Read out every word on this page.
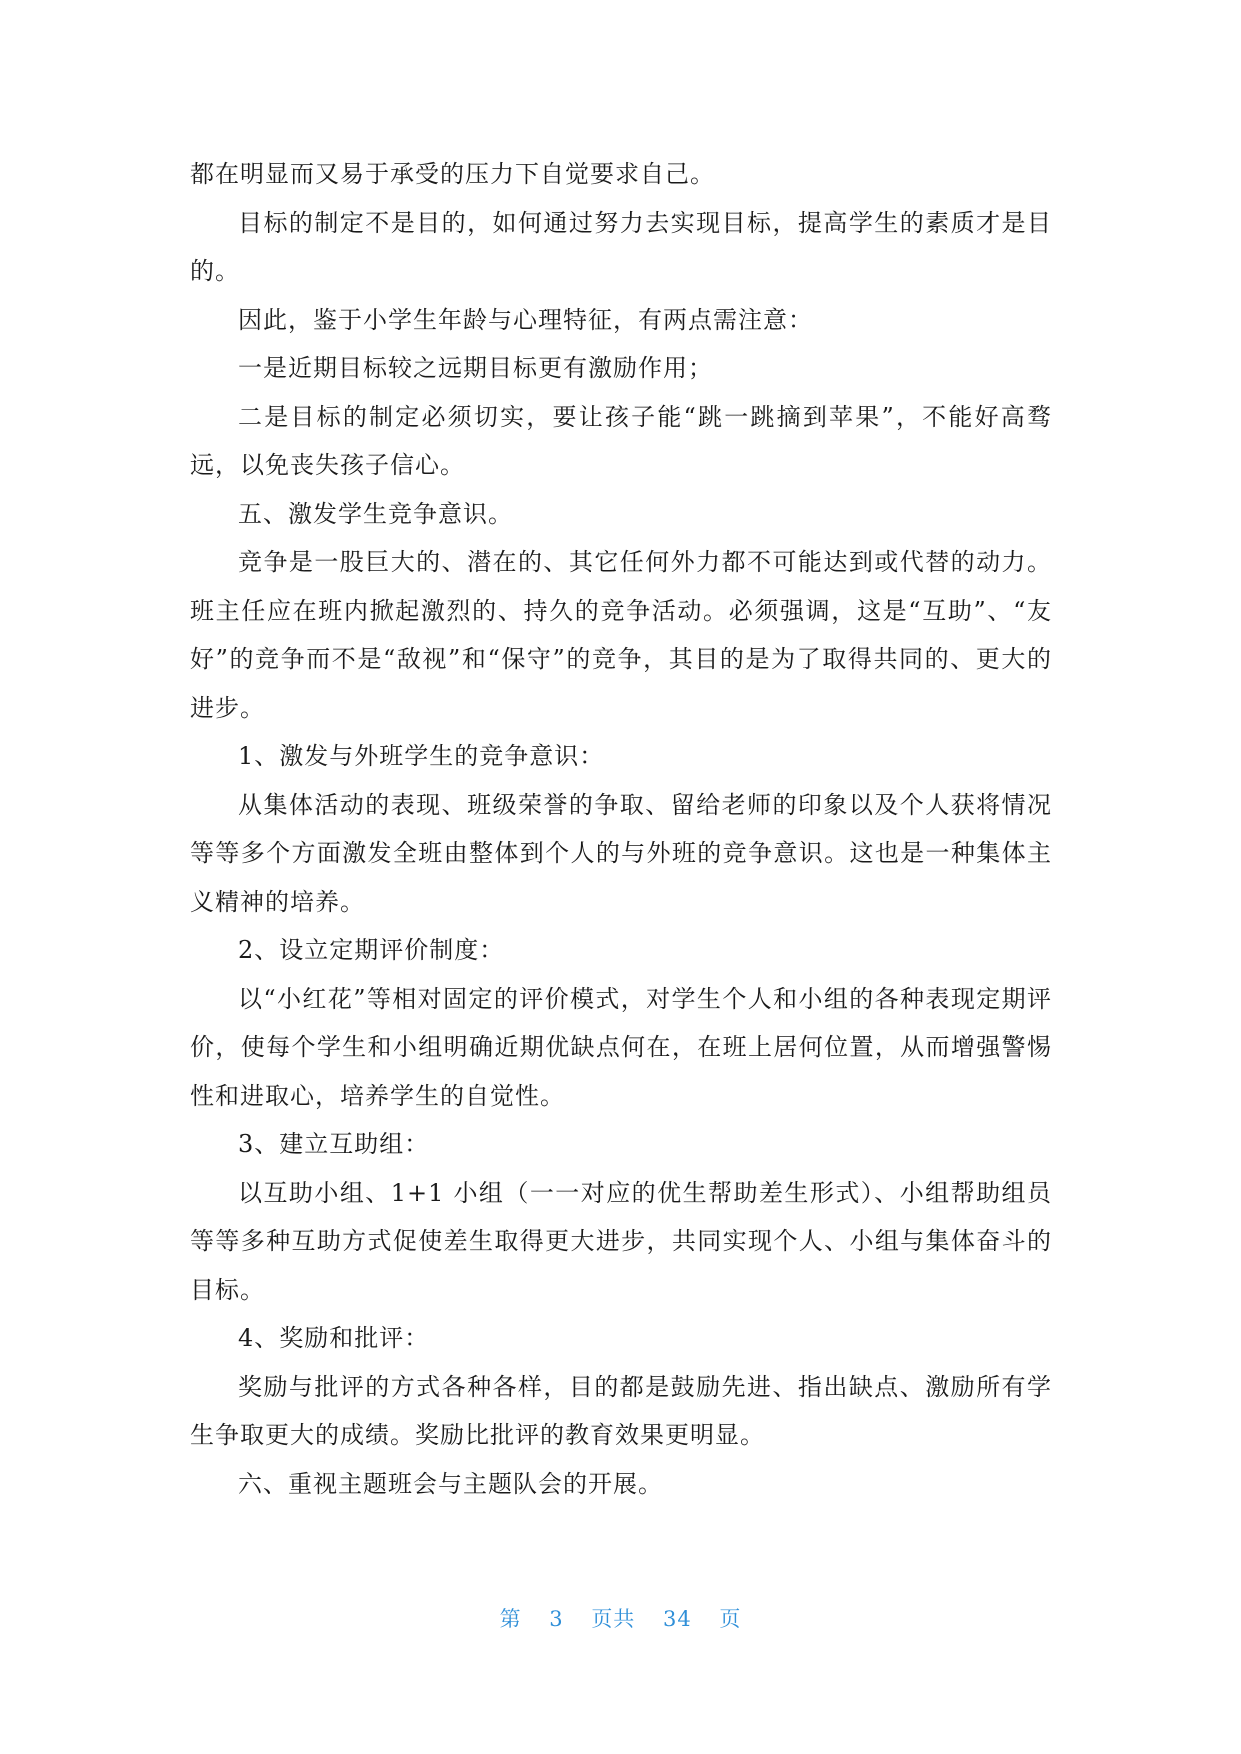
都在明显而又易于承受的压力下自觉要求自己。

目标的制定不是目的，如何通过努力去实现目标，提高学生的素质才是目的。

因此，鉴于小学生年龄与心理特征，有两点需注意：

一是近期目标较之远期目标更有激励作用；

二是目标的制定必须切实，要让孩子能“跳一跳摘到苹果”，不能好高骛远，以免丧失孩子信心。

五、激发学生竞争意识。

竞争是一股巨大的、潜在的、其它任何外力都不可能达到或代替的动力。班主任应在班内掀起激烈的、持久的竞争活动。必须强调，这是“互助”、“友好”的竞争而不是“敌视”和“保守”的竞争，其目的是为了取得共同的、更大的进步。

1、激发与外班学生的竞争意识：

从集体活动的表现、班级荣誉的争取、留给老师的印象以及个人获将情况等等多个方面激发全班由整体到个人的与外班的竞争意识。这也是一种集体主义精神的培养。

2、设立定期评价制度：

以“小红花”等相对固定的评价模式，对学生个人和小组的各种表现定期评价，使每个学生和小组明确近期优缺点何在，在班上居何位置，从而增强警惕性和进取心，培养学生的自觉性。

3、建立互助组：

以互助小组、1+1 小组（一一对应的优生帮助差生形式）、小组帮助组员等等多种互助方式促使差生取得更大进步，共同实现个人、小组与集体奋斗的目标。

4、奖励和批评：

奖励与批评的方式各种各样，目的都是鼓励先进、指出缺点、激励所有学生争取更大的成绩。奖励比批评的教育效果更明显。

六、重视主题班会与主题队会的开展。

第 3 页共 34 页
